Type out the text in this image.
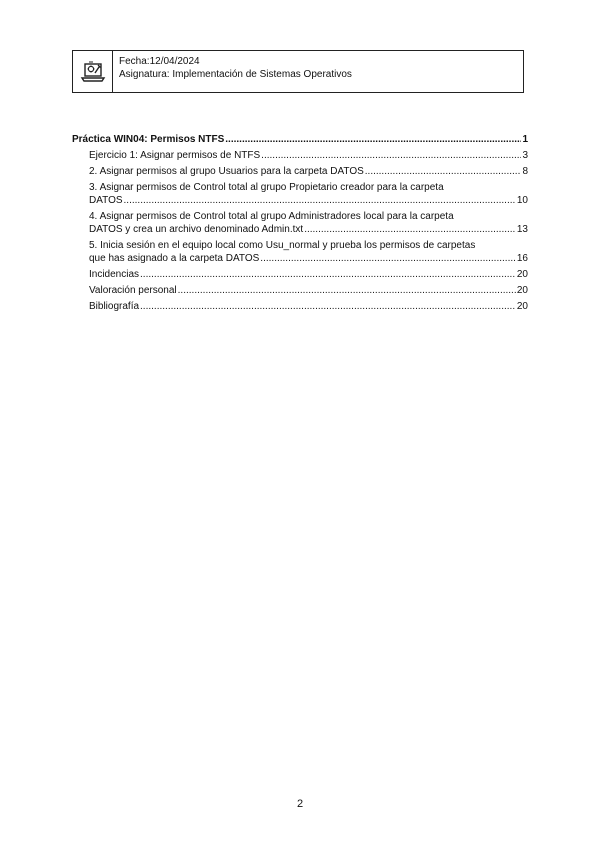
Fecha:12/04/2024
Asignatura: Implementación de Sistemas Operativos
Práctica WIN04: Permisos NTFS .....	1
Ejercicio 1: Asignar permisos de NTFS .....	3
2. Asignar permisos al grupo Usuarios para la carpeta DATOS .....	8
3. Asignar permisos de Control total al grupo Propietario creador para la carpeta
DATOS .....	10
4. Asignar permisos de Control total al grupo Administradores local para la carpeta
DATOS y crea un archivo denominado Admin.txt .....	13
5. Inicia sesión en el equipo local como Usu_normal y prueba los permisos de carpetas
que has asignado a la carpeta DATOS .....	16
Incidencias .....	20
Valoración personal .....	20
Bibliografía .....	20
2
